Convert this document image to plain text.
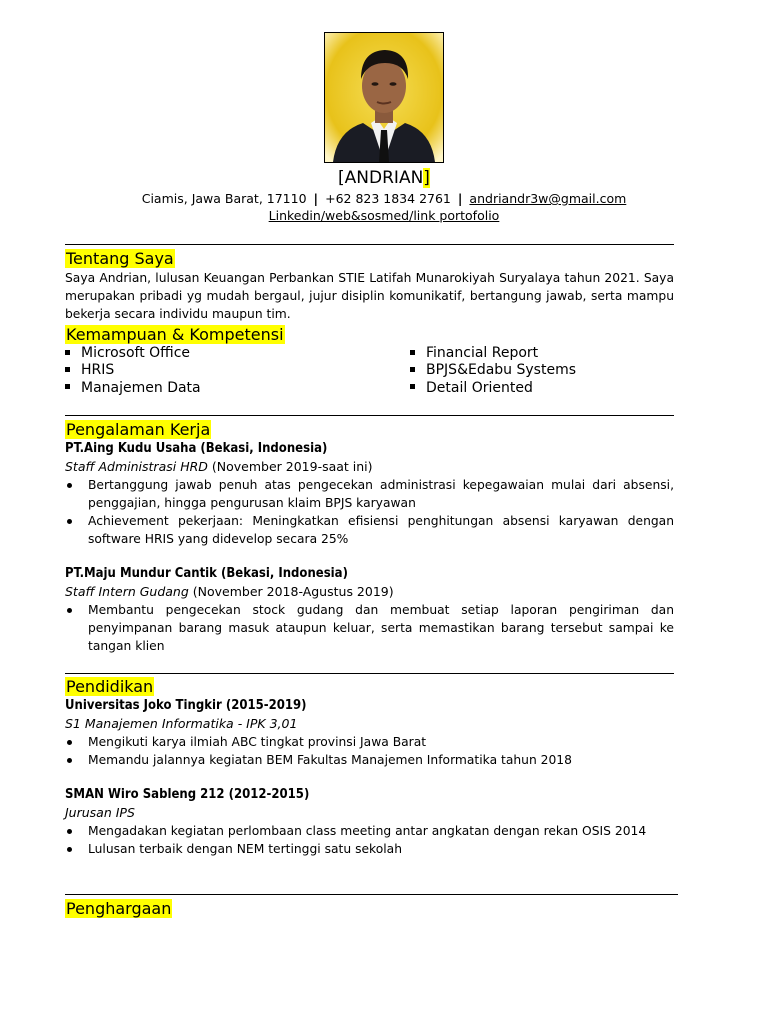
[ANDRIAN]
Ciamis, Jawa Barat, 17110 | +62 823 1834 2761 | andriandr3w@gmail.com
Linkedin/web&sosmed/link portofolio
Tentang Saya
Saya Andrian, lulusan Keuangan Perbankan STIE Latifah Munarokiyah Suryalaya tahun 2021. Saya merupakan pribadi yg mudah bergaul, jujur disiplin komunikatif, bertangung jawab, serta mampu bekerja secara individu maupun tim.
Kemampuan & Kompetensi
Microsoft Office
HRIS
Manajemen Data
Financial Report
BPJS&Edabu Systems
Detail Oriented
Pengalaman Kerja
PT.Aing Kudu Usaha (Bekasi, Indonesia)
Staff Administrasi HRD (November 2019-saat ini)
Bertanggung jawab penuh atas pengecekan administrasi kepegawaian mulai dari absensi, penggajian, hingga pengurusan klaim BPJS karyawan
Achievement pekerjaan: Meningkatkan efisiensi penghitungan absensi karyawan dengan software HRIS yang didevelop secara 25%
PT.Maju Mundur Cantik (Bekasi, Indonesia)
Staff Intern Gudang (November 2018-Agustus 2019)
Membantu pengecekan stock gudang dan membuat setiap laporan pengiriman dan penyimpanan barang masuk ataupun keluar, serta memastikan barang tersebut sampai ke tangan klien
Pendidikan
Universitas Joko Tingkir (2015-2019)
S1 Manajemen Informatika - IPK 3,01
Mengikuti karya ilmiah ABC tingkat provinsi Jawa Barat
Memandu jalannya kegiatan BEM Fakultas Manajemen Informatika tahun 2018
SMAN Wiro Sableng 212 (2012-2015)
Jurusan IPS
Mengadakan kegiatan perlombaan class meeting antar angkatan dengan rekan OSIS 2014
Lulusan terbaik dengan NEM tertinggi satu sekolah
Penghargaan
